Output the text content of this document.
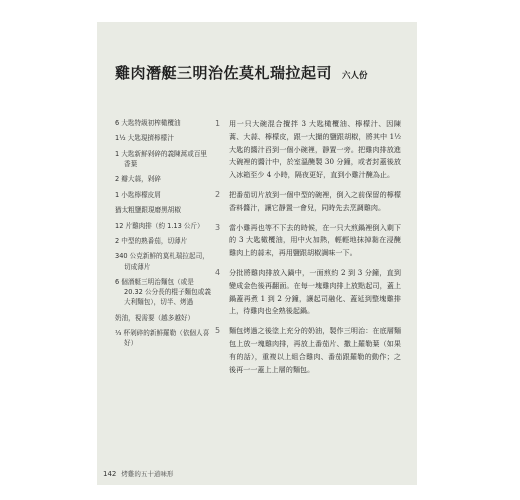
雞肉潛艇三明治佐莫札瑞拉起司 六人份
6 大匙特級初榨橄欖油
1½ 大匙現擠檸檬汁
1 大匙新鮮剁碎的義陳蒿或百里香葉
2 瓣大蒜，剁碎
1 小匙檸檬皮屑
猶太粗鹽跟現磨黑胡椒
12 片雞肉排（約 1.13 公斤）
2 中型的熟番茄，切薄片
340 公克新鮮的莫札瑞拉起司，切成薄片
6 個潛艇三明治麵包（或是 20.32 公分長的棍子麵包或義大利麵包），切半、烤過
奶油，視需要（越多越好）
⅓ 杯剁碎的新鮮羅勒（依個人喜好）
1	用一只大碗混合攪拌 3 大匙橄欖油、檸檬汁、因陳蒿、大蒜、檸檬皮，跟一大撮的鹽跟胡椒，將其中 1½ 大匙的醬汁舀到一個小碗裡，靜置一旁。把雞肉排放進大碗裡的醬汁中，於室溫醃製 30 分鐘，或者封蓋後放入冰箱至少 4 小時，隔夜更好，直到小雞汁醃為止。
2	把番茄切片放到一個中型的碗裡，倒入之前保留的檸檬香料醬汁，讓它靜置一會兒，同時先去烹調雞肉。
3	當小雞再也等不下去的時候，在一只大煎鍋裡倒入剩下的 3 大匙橄欖油，用中火加熱，輕輕地抹掉黏在浸醃雞肉上的蒜末，再用鹽跟胡椒調味一下。
4	分批將雞肉排放入鍋中，一面煎約 2 到 3 分鐘，直到變成金色後再翻面。在每一塊雞肉排上放點起司，蓋上鍋蓋再煮 1 到 2 分鐘，讓起司融化、蓋延到整塊雞排上，待雞肉也全熟後起鍋。
5	麵包烤過之後塗上充分的奶油，製作三明治：在底層麵包上放一塊雞肉排，再放上番茄片、撒上羅勒葉（如果有的話），重複以上組合雞肉、番茄跟羅勒的動作；之後再一一蓋上上層的麵包。
142 烤雞的五十道味形
